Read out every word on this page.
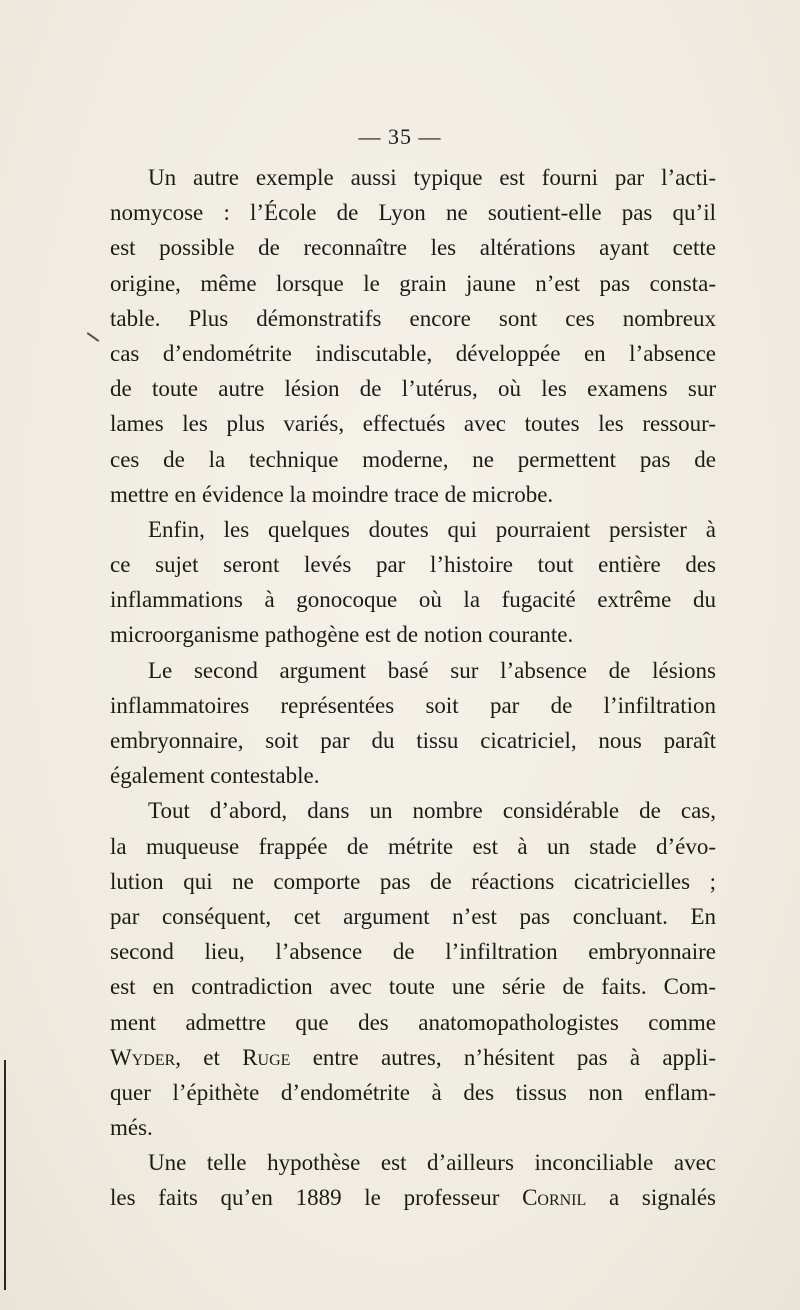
— 35 —
Un autre exemple aussi typique est fourni par l’acti-
nomycose : l’École de Lyon ne soutient-elle pas qu’il
est possible de reconnaître les altérations ayant cette
origine, même lorsque le grain jaune n’est pas consta-
table. Plus démonstratifs encore sont ces nombreux
cas d’endométrite indiscutable, développée en l’absence
de toute autre lésion de l’utérus, où les examens sur
lames les plus variés, effectués avec toutes les ressour-
ces de la technique moderne, ne permettent pas de
mettre en évidence la moindre trace de microbe.
Enfin, les quelques doutes qui pourraient persister à
ce sujet seront levés par l’histoire tout entière des
inflammations à gonocoque où la fugacité extrême du
microorganisme pathogène est de notion courante.
Le second argument basé sur l’absence de lésions
inflammatoires représentées soit par de l’infiltration
embryonnaire, soit par du tissu cicatriciel, nous paraît
également contestable.
Tout d’abord, dans un nombre considérable de cas,
la muqueuse frappée de métrite est à un stade d’évo-
lution qui ne comporte pas de réactions cicatricielles ;
par conséquent, cet argument n’est pas concluant. En
second lieu, l’absence de l’infiltration embryonnaire
est en contradiction avec toute une série de faits. Com-
ment admettre que des anatomopathologistes comme
Wyder, et Ruge entre autres, n’hésitent pas à appli-
quer l’épithète d’endométrite à des tissus non enflam-
més.
Une telle hypothèse est d’ailleurs inconciliable avec
les faits qu’en 1889 le professeur Cornil a signalés
